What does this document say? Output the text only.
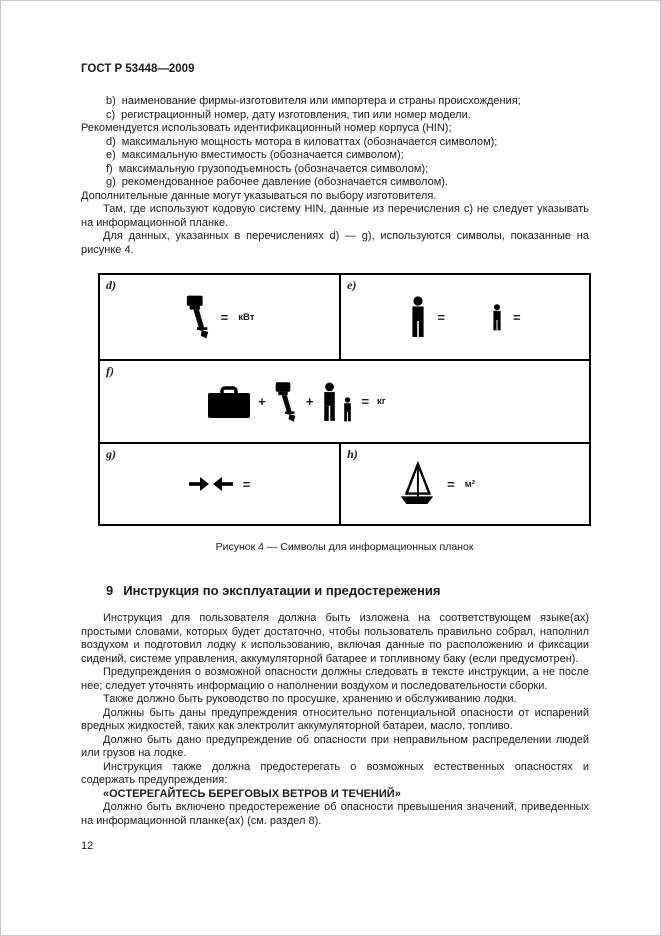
ГОСТ Р 53448—2009
b) наименование фирмы-изготовителя или импортера и страны происхождения;
c) регистрационный номер, дату изготовления, тип или номер модели.
Рекомендуется использовать идентификационный номер корпуса (HIN);
d) максимальную мощность мотора в киловаттах (обозначается символом);
e) максимальную вместимость (обозначается символом);
f) максимальную грузоподъемность (обозначается символом);
g) рекомендованное рабочее давление (обозначается символом).
Дополнительные данные могут указываться по выбору изготовителя.

Там, где используют кодовую систему HIN, данные из перечисления c) не следует указывать на информационной планке.

Для данных, указанных в перечислениях d) — g), используются символы, показанные на рисунке 4.

d)
= кВт
e)
=	=
f)
+	+	= кг
g)
=
h)
= м²
Рисунок 4 — Символы для информационных планок
9 Инструкция по эксплуатации и предостережения

Инструкция для пользователя должна быть изложена на соответствующем языке(ах) простыми словами, которых будет достаточно, чтобы пользователь правильно собрал, наполнил воздухом и подготовил лодку к использованию, включая данные по расположению и фиксации сидений, системе управления, аккумуляторной батарее и топливному баку (если предусмотрен).

Предупреждения о возможной опасности должны следовать в тексте инструкции, а не после нее; следует уточнять информацию о наполнении воздухом и последовательности сборки.

Также должно быть руководство по просушке, хранению и обслуживанию лодки.

Должны быть даны предупреждения относительно потенциальной опасности от испарений вредных жидкостей, таких как электролит аккумуляторной батареи, масло, топливо.

Должно быть дано предупреждение об опасности при неправильном распределении людей или грузов на лодке.

Инструкция также должна предостерегать о возможных естественных опасностях и содержать предупреждения:

«ОСТЕРЕГАЙТЕСЬ БЕРЕГОВЫХ ВЕТРОВ И ТЕЧЕНИЙ»

Должно быть включено предостережение об опасности превышения значений, приведенных на информационной планке(ах) (см. раздел 8).

12
